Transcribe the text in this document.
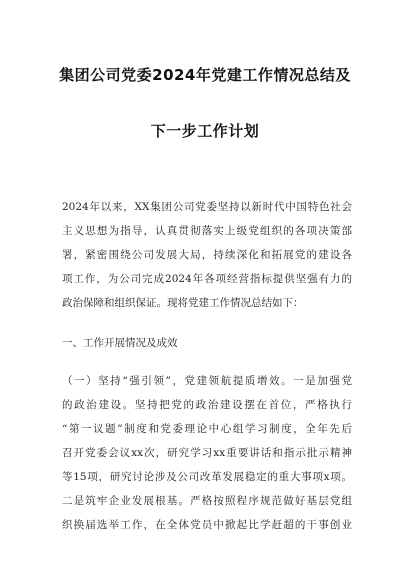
集团公司党委2024年党建工作情况总结及
下一步工作计划
2024年以来，XX集团公司党委坚持以新时代中国特色社会
主义思想为指导，认真贯彻落实上级党组织的各项决策部
署，紧密围绕公司发展大局，持续深化和拓展党的建设各
项工作，为公司完成2024年各项经营指标提供坚强有力的
政治保障和组织保证。现将党建工作情况总结如下：
一、工作开展情况及成效
（一）坚持“强引领”，党建领航提质增效。一是加强党
的政治建设。坚持把党的政治建设摆在首位，严格执行
“第一议题”制度和党委理论中心组学习制度，全年先后
召开党委会议xx次，研究学习xx重要讲话和指示批示精神
等15项，研究讨论涉及公司改革发展稳定的重大事项x项。
二是筑牢企业发展根基。严格按照程序规范做好基层党组
织换届选举工作，在全体党员中掀起比学赶超的干事创业
